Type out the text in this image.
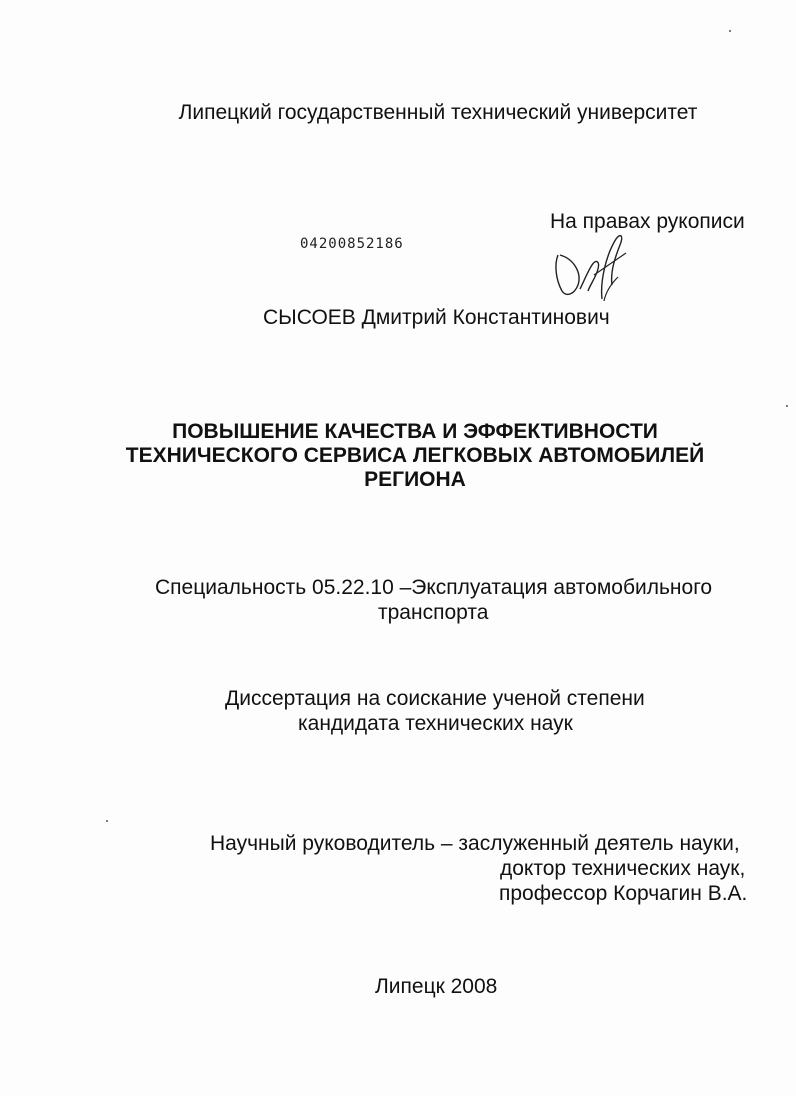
Липецкий государственный технический университет
На правах рукописи
04200852186
СЫСОЕВ Дмитрий Константинович
ПОВЫШЕНИЕ КАЧЕСТВА И ЭФФЕКТИВНОСТИ
ТЕХНИЧЕСКОГО СЕРВИСА ЛЕГКОВЫХ АВТОМОБИЛЕЙ
РЕГИОНА
Специальность 05.22.10 –Эксплуатация автомобильного
транспорта
Диссертация на соискание ученой степени
кандидата технических наук
Научный руководитель – заслуженный деятель науки,
доктор технических наук,
профессор Корчагин В.А.
Липецк 2008
